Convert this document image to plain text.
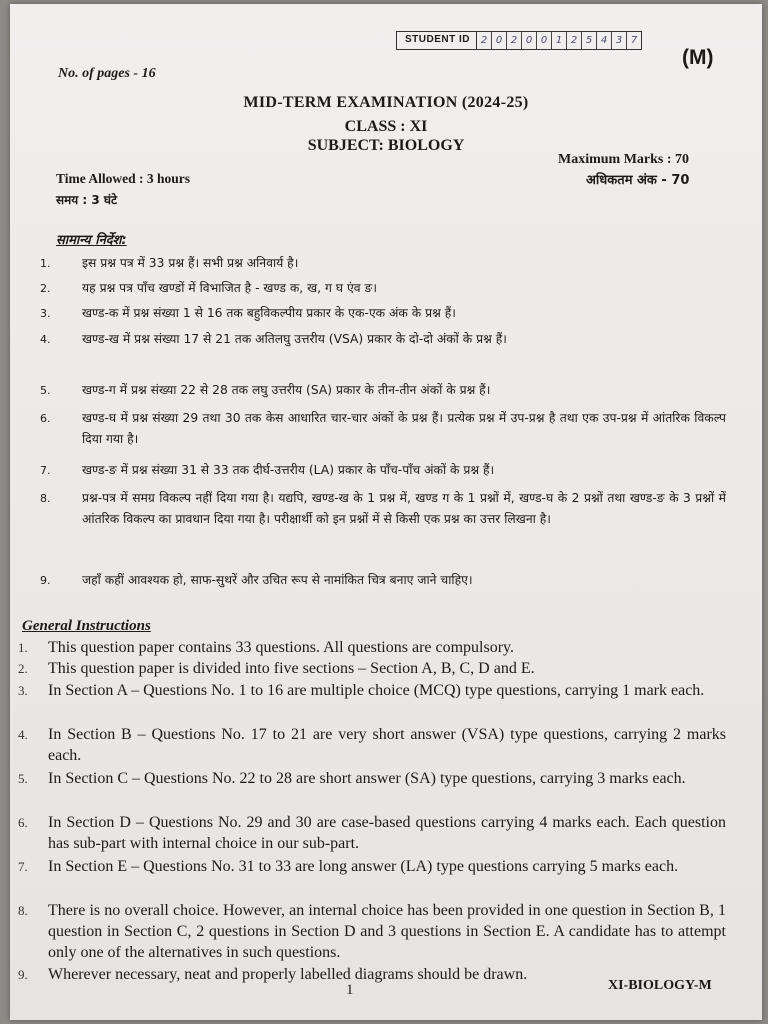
STUDENT ID	2 0 2 0 0 1 2 5 4 3 7
(M)
No. of pages - 16
MID-TERM EXAMINATION (2024-25)
CLASS : XI
SUBJECT: BIOLOGY
Maximum Marks : 70
अधिकतम अंक - 70
Time Allowed : 3 hours
समय : 3 घंटे
सामान्य निर्देश:
1.	इस प्रश्न पत्र में 33 प्रश्न हैं। सभी प्रश्न अनिवार्य है।
2.	यह प्रश्न पत्र पाँच खण्डों में विभाजित है - खण्ड क, ख, ग घ एंव ङ।
3.	खण्ड-क में प्रश्न संख्या 1 से 16 तक बहुविकल्पीय प्रकार के एक-एक अंक के प्रश्न हैं।
4.	खण्ड-ख में प्रश्न संख्या 17 से 21 तक अतिलघु उत्तरीय (VSA) प्रकार के दो-दो अंकों के प्रश्न हैं।
5.	खण्ड-ग में प्रश्न संख्या 22 से 28 तक लघु उत्तरीय (SA) प्रकार के तीन-तीन अंकों के प्रश्न हैं।
6.	खण्ड-घ में प्रश्न संख्या 29 तथा 30 तक केस आधारित चार-चार अंकों के प्रश्न हैं। प्रत्येक प्रश्न में उप-प्रश्न है तथा एक उप-प्रश्न में आंतरिक विकल्प दिया गया है।
7.	खण्ड-ङ में प्रश्न संख्या 31 से 33 तक दीर्घ-उत्तरीय (LA) प्रकार के पाँच-पाँच अंकों के प्रश्न हैं।
8.	प्रश्न-पत्र में समग्र विकल्प नहीं दिया गया है। यद्यपि, खण्ड-ख के 1 प्रश्न में, खण्ड ग के 1 प्रश्नों में, खण्ड-घ के 2 प्रश्नों तथा खण्ड-ङ के 3 प्रश्नों में आंतरिक विकल्प का प्रावधान दिया गया है। परीक्षार्थी को इन प्रश्नों में से किसी एक प्रश्न का उत्तर लिखना है।
9.	जहाँ कहीं आवश्यक हो, साफ-सुथरें और उचित रूप से नामांकित चित्र बनाए जाने चाहिए।
General Instructions
1.	This question paper contains 33 questions. All questions are compulsory.
2.	This question paper is divided into five sections – Section A, B, C, D and E.
3.	In Section A – Questions No. 1 to 16 are multiple choice (MCQ) type questions, carrying 1 mark each.
4.	In Section B – Questions No. 17 to 21 are very short answer (VSA) type questions, carrying 2 marks each.
5.	In Section C – Questions No. 22 to 28 are short answer (SA) type questions, carrying 3 marks each.
6.	In Section D – Questions No. 29 and 30 are case-based questions carrying 4 marks each. Each question has sub-part with internal choice in our sub-part.
7.	In Section E – Questions No. 31 to 33 are long answer (LA) type questions carrying 5 marks each.
8.	There is no overall choice. However, an internal choice has been provided in one question in Section B, 1 question in Section C, 2 questions in Section D and 3 questions in Section E. A candidate has to attempt only one of the alternatives in such questions.
9.	Wherever necessary, neat and properly labelled diagrams should be drawn.
1	XI-BIOLOGY-M
